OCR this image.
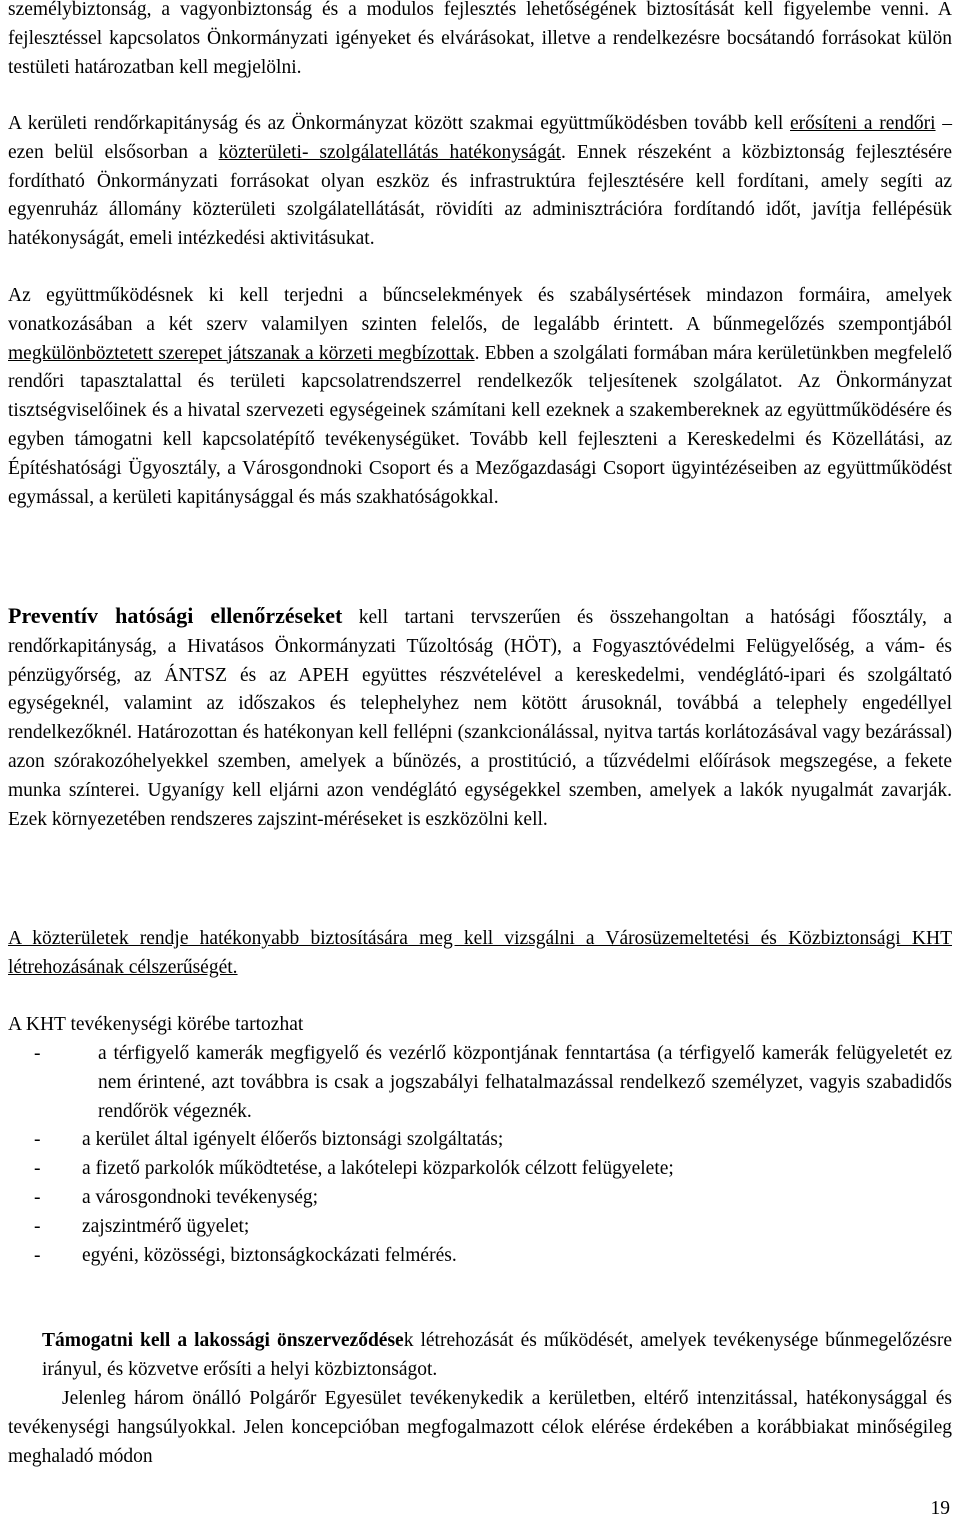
személybiztonság, a vagyonbiztonság és a modulos fejlesztés lehetőségének biztosítását kell figyelembe venni. A fejlesztéssel kapcsolatos Önkormányzati igényeket és elvárásokat, illetve a rendelkezésre bocsátandó forrásokat külön testületi határozatban kell megjelölni.

A kerületi rendőrkapitányság és az Önkormányzat között szakmai együttműködésben tovább kell erősíteni a rendőri –ezen belül elsősorban a közterületi- szolgálatellátás hatékonyságát. Ennek részeként a közbiztonság fejlesztésére fordítható Önkormányzati forrásokat olyan eszköz és infrastruktúra fejlesztésére kell fordítani, amely segíti az egyenruház állomány közterületi szolgálatellátását, rövidíti az adminisztrációra fordítandó időt, javítja fellépésük hatékonyságát, emeli intézkedési aktivitásukat.

Az együttműködésnek ki kell terjedni a bűncselekmények és szabálysértések mindazon formáira, amelyek vonatkozásában a két szerv valamilyen szinten felelős, de legalább érintett. A bűnmegelőzés szempontjából megkülönböztetett szerepet játszanak a körzeti megbízottak. Ebben a szolgálati formában mára kerületünkben megfelelő rendőri tapasztalattal és területi kapcsolatrendszerrel rendelkezők teljesítenek szolgálatot. Az Önkormányzat tisztségviselőinek és a hivatal szervezeti egységeinek számítani kell ezeknek a szakembereknek az együttműködésére és egyben támogatni kell kapcsolatépítő tevékenységüket. Tovább kell fejleszteni a Kereskedelmi és Közellátási, az Építéshatósági Ügyosztály, a Városgondnoki Csoport és a Mezőgazdasági Csoport ügyintézéseiben az együttműködést egymással, a kerületi kapitánysággal és más szakhatóságokkal.

Preventív hatósági ellenőrzéseket kell tartani tervszerűen és összehangoltan a hatósági főosztály, a rendőrkapitányság, a Hivatásos Önkormányzati Tűzoltóság (HÖT), a Fogyasztóvédelmi Felügyelőség, a vám- és pénzügyőrség, az ÁNTSZ és az APEH együttes részvételével a kereskedelmi, vendéglátó-ipari és szolgáltató egységeknél, valamint az időszakos és telephelyhez nem kötött árusoknál, továbbá a telephely engedéllyel rendelkezőknél. Határozottan és hatékonyan kell fellépni (szankcionálással, nyitva tartás korlátozásával vagy bezárással) azon szórakozóhelyekkel szemben, amelyek a bűnözés, a prostitúció, a tűzvédelmi előírások megszegése, a fekete munka színterei. Ugyanígy kell eljárni azon vendéglátó egységekkel szemben, amelyek a lakók nyugalmát zavarják. Ezek környezetében rendszeres zajszint-méréseket is eszközölni kell.

A közterületek rendje hatékonyabb biztosítására meg kell vizsgálni a Városüzemeltetési és Közbiztonsági KHT létrehozásának célszerűségét.

A KHT tevékenységi körébe tartozhat

-	a térfigyelő kamerák megfigyelő és vezérlő központjának fenntartása (a térfigyelő kamerák felügyeletét ez nem érintené, azt továbbra is csak a jogszabályi felhatalmazással rendelkező személyzet, vagyis szabadidős rendőrök végeznék.
- a kerület által igényelt élőerős biztonsági szolgáltatás;
- a fizető parkolók működtetése, a lakótelepi közparkolók célzott felügyelete;
- a városgondnoki tevékenység;
- zajszintmérő ügyelet;
- egyéni, közösségi, biztonságkockázati felmérés.

Támogatni kell a lakossági önszerveződések létrehozását és működését, amelyek tevékenysége bűnmegelőzésre irányul, és közvetve erősíti a helyi közbiztonságot.

Jelenleg három önálló Polgárőr Egyesület tevékenykedik a kerületben, eltérő intenzitással, hatékonysággal és tevékenységi hangsúlyokkal. Jelen koncepcióban megfogalmazott célok elérése érdekében a korábbiakat minőségileg meghaladó módon

19
